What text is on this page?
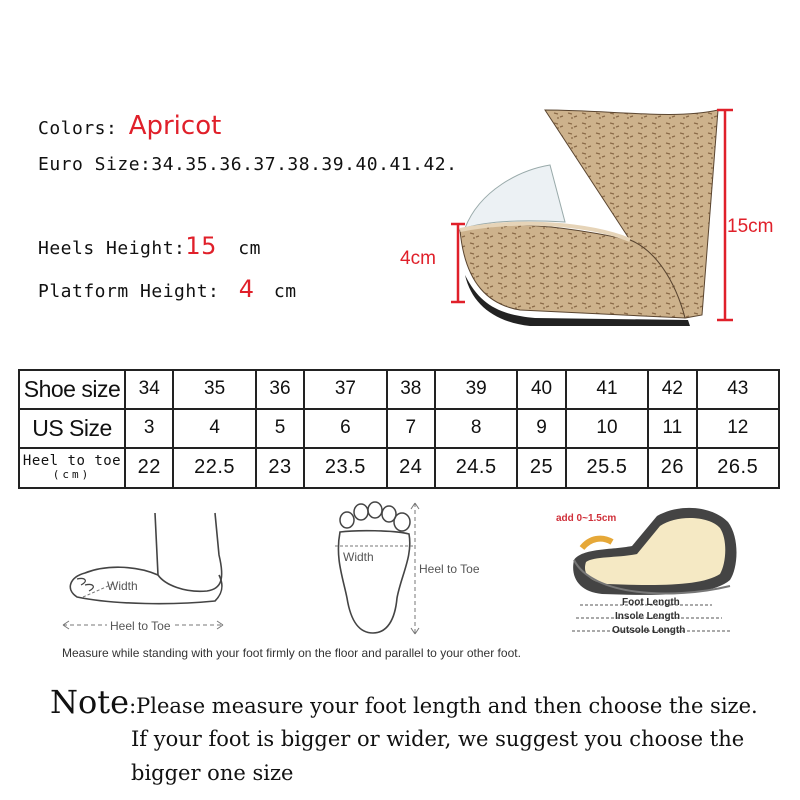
Colors: Apricot
Euro Size:34.35.36.37.38.39.40.41.42.
Heels Height:15 cm
Platform Height: 4 cm
4cm
15cm
Shoe size	34	35	36	37	38	39	40	41	42	43
US Size	3	4	5	6	7	8	9	10	11	12

Heel to toe
(cm)	22	22.5	23	23.5	24	24.5	25	25.5	26	26.5
Width
Heel to Toe
Width
Heel to Toe
add 0~1.5cm
Foot Length
Insole Length
Outsole Length
Measure while standing with your foot firmly on the floor and parallel to your other foot.
Note:Please measure your foot length and then choose the size.
If your foot is bigger or wider, we suggest you choose the
bigger one size
